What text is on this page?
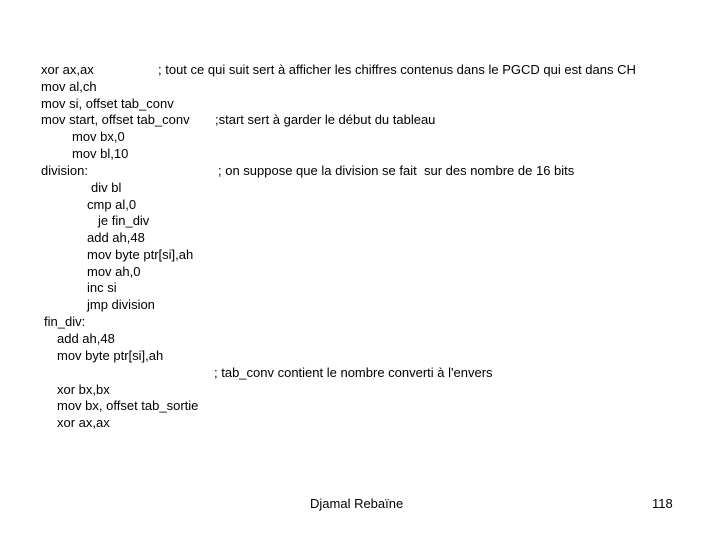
xor ax,ax	; tout ce qui suit sert à afficher les chiffres contenus dans le PGCD qui est dans CH
mov al,ch
mov si, offset tab_conv
mov start, offset tab_conv ;start sert à garder le début du tableau
mov bx,0
mov bl,10
division:	; on suppose que la division se fait  sur des nombre de 16 bits
div bl
cmp al,0
je fin_div
add ah,48
mov byte ptr[si],ah
mov ah,0
inc si
jmp division
fin_div:
add ah,48
mov byte ptr[si],ah
; tab_conv contient le nombre converti à l'envers
xor bx,bx
mov bx, offset tab_sortie
xor ax,ax
Djamal Rebaïne	118
